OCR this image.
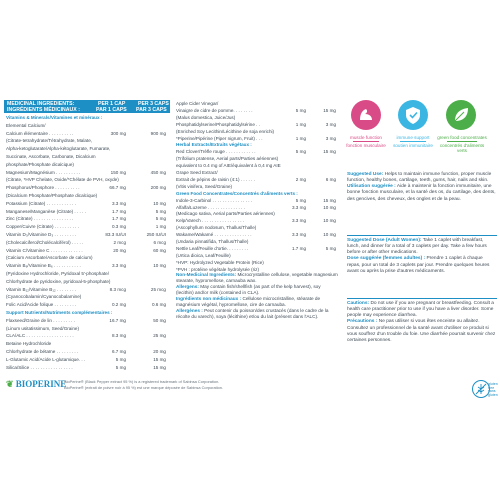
MEDICINAL INGREDIENTS:
INGRÉDIENTS MÉDICINAUX :
PER 1 CAP
PAR 1 CAPS
PER 3 CAPS
PAR 3 CAPS
Vitamins & Minerals/Vitamines et minéraux :
Elemental Calcium/
Calcium élémentaire . . . . . . . . . .	300 mg	900 mg
(Citrate-tetrahydrate/Tétrahydrate, Malate,
Alpha-ketoglutarate/Alpha-kétoglutarate, Fumarate,
Succinate, Ascorbate, Carbonate, Dicalcium
phosphate/Phosphate dicalcique)
Magnesium/Magnésium . . . . . . . . . .	150 mg	450 mg
(Citrate, *HVP Chelate, Oxide/*Chélate de PVH, oxyde)
Phosphorus/Phosphore . . . . . . . . . .	66.7 mg	200 mg
(Dicalcium Phosphate/Phosphate dicalcique)
Potassium (Citrate) . . . . . . . . . . . .	3.3 mg	10 mg
Manganese/Manganèse (Citrate) . . . . .	1.7 mg	5 mg
Zinc (Citrate) . . . . . . . . . . . . . . . .	1.7 mg	5 mg
Copper/Cuivre (Citrate) . . . . . . . . . .	0.3 mg	1 mg
Vitamin D₃/Vitamine D₃ . . . . . . . . .	83.3 IU/UI	250 IU/UI
(Cholecalciferol/Cholécalciférol) . . . . .	2 mcg	6 mcg
Vitamin C/Vitamine C . . . . . . . . . . . . .	20 mg	60 mg
(Calcium Ascorbate/Ascorbate de calcium)
Vitamin B₆/Vitamine B₆ . . . . . . . . . . .	3.3 mg	10 mg
(Pyridoxine Hydrochloride, Pyridoxal 5'-phosphate/
Chlorhydrate de pyridoxine, pyridoxal-5-phosphate)
Vitamin B₁₂/Vitamine B₁₂ . . . . . . . .	8.3 mcg	25 mcg
(Cyanocobalamin/Cyanocobalamine)
Folic Acid/Acide folique . . . . . . . . .	0.2 mg	0.6 mg
Support Nutrients/Nutriments complémentaires :
Flaxseed/Graine de lin . . . . . . . . .	16.7 mg	50 mg
(Linum usitatissimum, Seed/Graine)
CLA/ALC . . . . . . . . . . . . . . . . . . .	8.3 mg	25 mg
Betaine Hydrochloride
Chlorhydrate de bétaïne . . . . . . . . .	6.7 mg	20 mg
L-Glutamic Acid/Acide L-glutamique. . .	5 mg	15 mg
Silica/Silice . . . . . . . . . . . . . . . . .	5 mg	15 mg
Apple Cider Vinegar/
Vinaigre de cidre de pomme. . . . . . . .	5 mg	15 mg
(Malus domestica, Juice/Jus)
Phosphatidylserine/Phosphatidylsérine . .	1 mg	3 mg
(Enriched Soy Lecithin/Lécithine de soja enrichi)
*Piperine/Pipérine (Piper nigrum, Fruit) . . .	1 mg	3 mg
Herbal Extracts/Extraits végétaux :
Red Clover/Trèfle rouge . . . . . . . . . . . .	5 mg	15 mg
(Trifolium pratense, Aerial parts/Parties aériennes)
equivalent to 0.4 mg of AIE/équivalent à 0,4 mg AIE
Grape Seed Extract/
Extrait de pépins de raisin (4:1) . . . . . .	2 mg	6 mg
(Vitis vinifera, Seed/Graine)
Green Food Concentrates/Concentrés d'aliments verts :
Indole-3-Carbinol . . . . . . . . . . . . . . . .	5 mg	15 mg
Alfalfa/Luzerne . . . . . . . . . . . . . . .	3.3 mg	10 mg
(Medicago sativa, Aerial parts/Parties aériennes)
Kelp/Varech . . . . . . . . . . . . . . . . .	3.3 mg	10 mg
(Ascophyllum nodosum, Thallus/Thalle)
Wakame/Wakamé . . . . . . . . . . . . . . .	3.3 mg	10 mg
(Undaria pinnatifida, Thallus/Thalle)
Nettle Leaf/Feuille d'ortie. . . . . . . . .	1.7 mg	5 mg
(Urtica dioica, Leaf/Feuille)
*HVP: Hydrolyzed Vegetable Protein (Rice)
*PVH : protéine végétale hydrolysée (riz)
Non-Medicinal Ingredients: Microcrystalline cellulose, vegetable magnesium stearate, hypromellose, carnauba wax.
Allergens: May contain fish/shellfish (as part of the kelp harvest), soy (lecithin) and/or milk (contained in CLA).
Ingrédients non médicinaux : Cellulose microcristalline, stéarate de magnésium végétal, hypromellose, cire de carnauba.
Allergènes : Peut contenir du poisson/des crustacés (dans le cadre de la récolte du varech), soya (lécithine) et/ou du lait (présent dans l'ALC).
❦ BIOPERINE
BioPerine® (Black Pepper extract 95 %) is a registered trademark of Sabinsa Corporation.
BioPerine® (extrait de poivre noir à 95 %) est une marque déposée de Sabinsa Corporation.
muscle function
fonction musculaire
immune support
soutien immunitaire
green food concentrates
concentrés d'aliments verts
Suggested Use: Helps to maintain immune function, proper muscle function, healthy bones, cartilage, teeth, gums, hair, nails and skin.
Utilisation suggérée : Aide à maintenir la fonction immunitaire, une bonne fonction musculaire, et la santé des os, du cartilage, des dents, des gencives, des cheveux, des ongles et de la peau.
Suggested Dose (Adult Women): Take 1 caplet with breakfast, lunch, and dinner for a total of 3 caplets per day. Take a few hours before or after other medications.
Dose suggérée (femmes adultes) : Prendre 1 caplet à chaque repas, pour un total de 3 caplets par jour. Prendre quelques heures avant ou après la prise d'autres médicaments.
Cautions: Do not use if you are pregnant or breastfeeding. Consult a health care practitioner prior to use if you have a liver disorder. Some people may experience diarrhea.
Précautions : Ne pas utiliser si vous êtes enceinte ou allaitez. Consultez un professionnel de la santé avant d'utiliser ce produit si vous souffrez d'un trouble du foie. Une diarrhée pourrait survenir chez certaines personnes.
gluten free sans gluten
